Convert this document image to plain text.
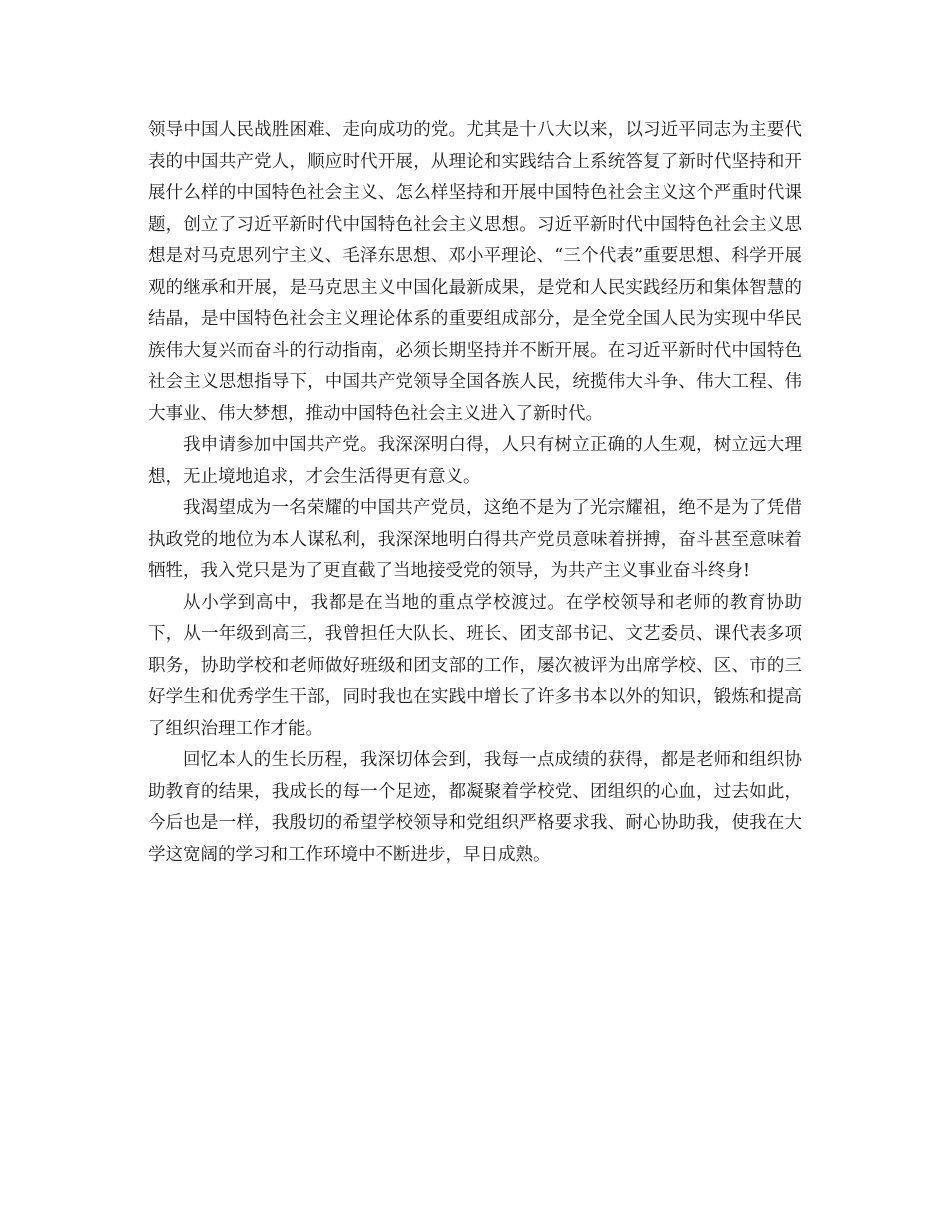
领导中国人民战胜困难、走向成功的党。尤其是十八大以来，以习近平同志为主要代表的中国共产党人，顺应时代开展，从理论和实践结合上系统答复了新时代坚持和开展什么样的中国特色社会主义、怎么样坚持和开展中国特色社会主义这个严重时代课题，创立了习近平新时代中国特色社会主义思想。习近平新时代中国特色社会主义思想是对马克思列宁主义、毛泽东思想、邓小平理论、“三个代表”重要思想、科学开展观的继承和开展，是马克思主义中国化最新成果，是党和人民实践经历和集体智慧的结晶，是中国特色社会主义理论体系的重要组成部分，是全党全国人民为实现中华民族伟大复兴而奋斗的行动指南，必须长期坚持并不断开展。在习近平新时代中国特色社会主义思想指导下，中国共产党领导全国各族人民，统揽伟大斗争、伟大工程、伟大事业、伟大梦想，推动中国特色社会主义进入了新时代。

我申请参加中国共产党。我深深明白得，人只有树立正确的人生观，树立远大理想，无止境地追求，才会生活得更有意义。

我渴望成为一名荣耀的中国共产党员，这绝不是为了光宗耀祖，绝不是为了凭借执政党的地位为本人谋私利，我深深地明白得共产党员意味着拼搏，奋斗甚至意味着牺牲，我入党只是为了更直截了当地接受党的领导，为共产主义事业奋斗终身!

从小学到高中，我都是在当地的重点学校渡过。在学校领导和老师的教育协助下，从一年级到高三，我曾担任大队长、班长、团支部书记、文艺委员、课代表多项职务，协助学校和老师做好班级和团支部的工作，屡次被评为出席学校、区、市的三好学生和优秀学生干部，同时我也在实践中增长了许多书本以外的知识，锻炼和提高了组织治理工作才能。

回忆本人的生长历程，我深切体会到，我每一点成绩的获得，都是老师和组织协助教育的结果，我成长的每一个足迹，都凝聚着学校党、团组织的心血，过去如此，今后也是一样，我殷切的希望学校领导和党组织严格要求我、耐心协助我，使我在大学这宽阔的学习和工作环境中不断进步，早日成熟。
